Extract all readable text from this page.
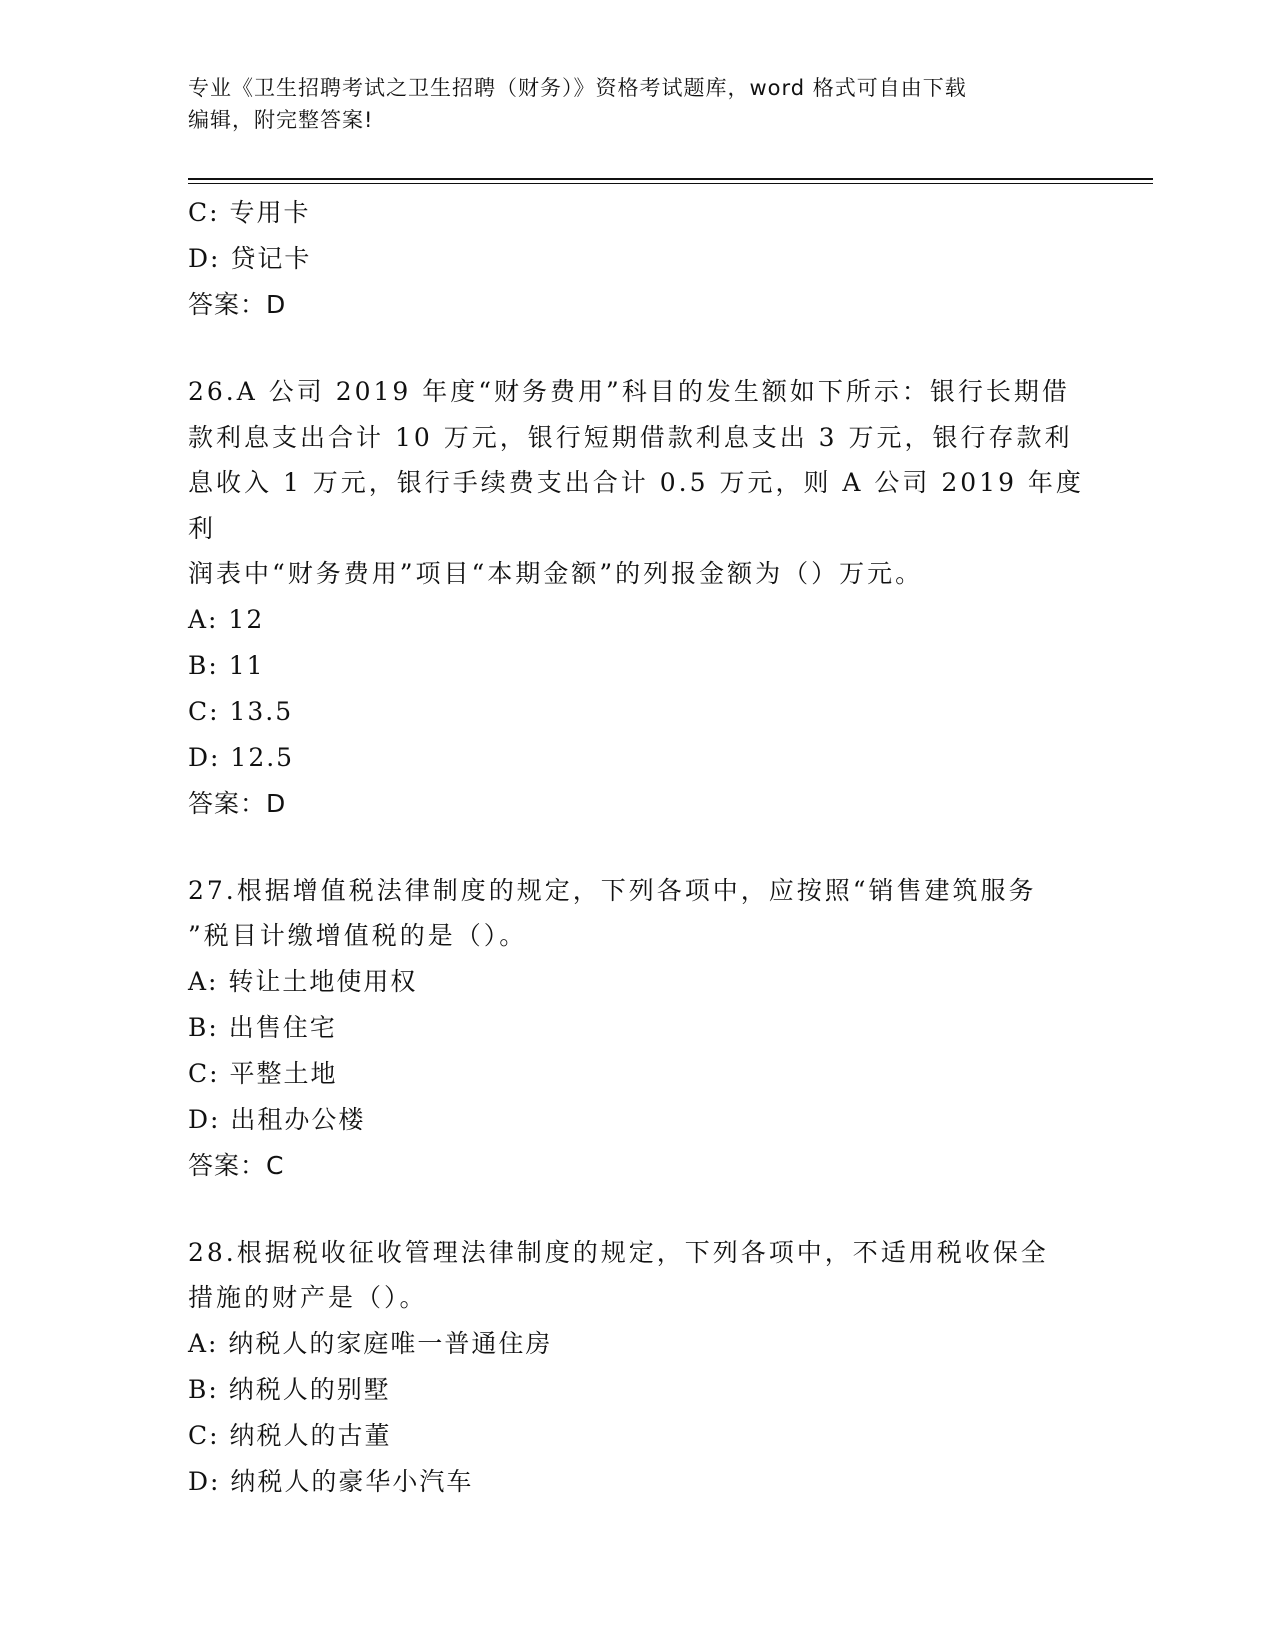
专业《卫生招聘考试之卫生招聘（财务）》资格考试题库，word 格式可自由下载
编辑，附完整答案!
C: 专用卡
D: 贷记卡
答案：D
26.A 公司 2019 年度“财务费用”科目的发生额如下所示：银行长期借
款利息支出合计 10 万元，银行短期借款利息支出 3 万元，银行存款利
息收入 1 万元，银行手续费支出合计 0.5 万元，则 A 公司 2019 年度利
润表中“财务费用”项目“本期金额”的列报金额为（）万元。
A: 12
B: 11
C: 13.5
D: 12.5
答案：D
27.根据增值税法律制度的规定，下列各项中，应按照“销售建筑服务
”税目计缴增值税的是（）。
A: 转让土地使用权
B: 出售住宅
C: 平整土地
D: 出租办公楼
答案：C
28.根据税收征收管理法律制度的规定，下列各项中，不适用税收保全
措施的财产是（）。
A: 纳税人的家庭唯一普通住房
B: 纳税人的别墅
C: 纳税人的古董
D: 纳税人的豪华小汽车
